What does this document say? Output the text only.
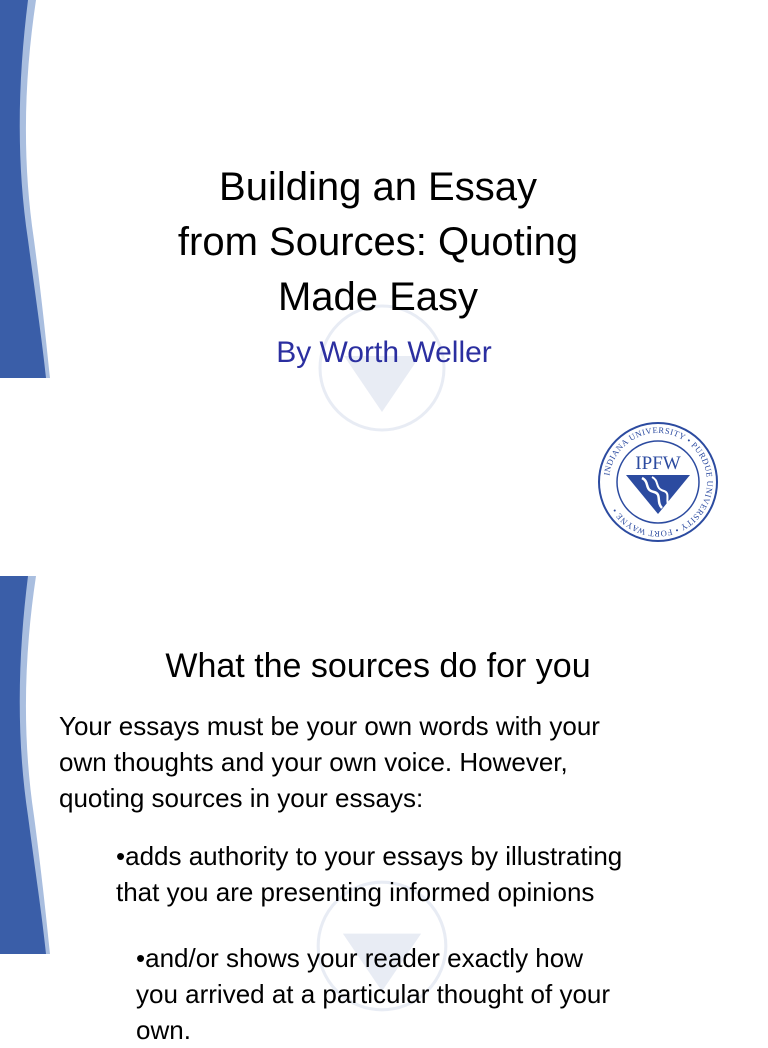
Building an Essay
from Sources: Quoting
Made Easy
By Worth Weller
INDIANA UNIVERSITY • PURDUE UNIVERSITY • FORT WAYNE •
IPFW
What the sources do for you

Your essays must be your own words with your
own thoughts and your own voice. However,
quoting sources in your essays:

•adds authority to your essays by illustrating
that you are presenting informed opinions

•and/or shows your reader exactly how
you arrived at a particular thought of your
own.
